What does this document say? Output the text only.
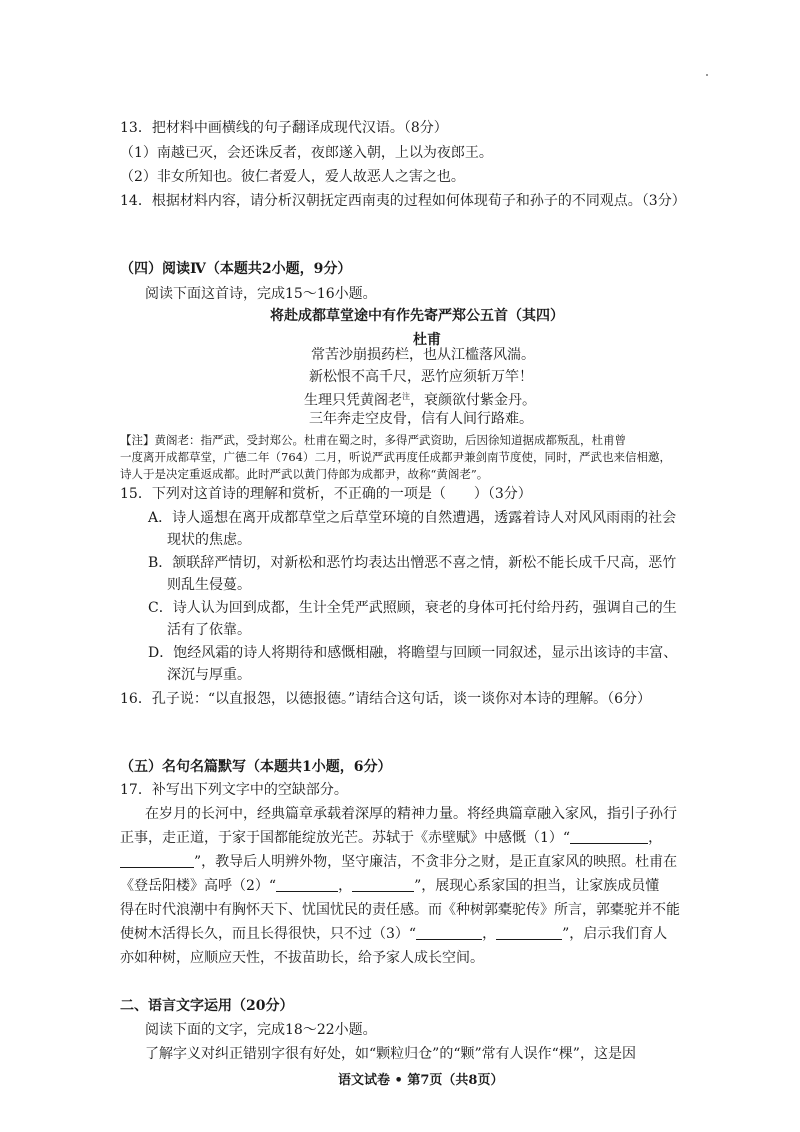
13．把材料中画横线的句子翻译成现代汉语。（8分）
（1）南越已灭，会还诛反者，夜郎遂入朝，上以为夜郎王。
（2）非女所知也。彼仁者爱人，爱人故恶人之害之也。
14．根据材料内容，请分析汉朝抚定西南夷的过程如何体现荀子和孙子的不同观点。（3分）
（四）阅读Ⅳ（本题共2小题，9分）
阅读下面这首诗，完成15～16小题。
将赴成都草堂途中有作先寄严郑公五首（其四）
杜甫
常苦沙崩损药栏，也从江槛落风湍。
新松恨不高千尺，恶竹应须斩万竿！
生理只凭黄阁老$^注$，衰颜欲付紫金丹。
三年奔走空皮骨，信有人间行路难。
【注】黄阁老：指严武，受封郑公。杜甫在蜀之时，多得严武资助，后因徐知道据成都叛乱，杜甫曾
一度离开成都草堂，广德二年（764）二月，听说严武再度任成都尹兼剑南节度使，同时，严武也来信相邀，
诗人于是决定重返成都。此时严武以黄门侍郎为成都尹，故称“黄阁老”。
15．下列对这首诗的理解和赏析，不正确的一项是（　　）（3分）
A．诗人遥想在离开成都草堂之后草堂环境的自然遭遇，透露着诗人对风风雨雨的社会
现状的焦虑。
B．颔联辞严情切，对新松和恶竹均表达出憎恶不喜之情，新松不能长成千尺高，恶竹
则乱生侵蔓。
C．诗人认为回到成都，生计全凭严武照顾，衰老的身体可托付给丹药，强调自己的生
活有了依靠。
D．饱经风霜的诗人将期待和感慨相融，将瞻望与回顾一同叙述，显示出该诗的丰富、
深沉与厚重。
16．孔子说：“以直报怨，以德报德。”请结合这句话，谈一谈你对本诗的理解。（6分）
（五）名句名篇默写（本题共1小题，6分）
17．补写出下列文字中的空缺部分。
在岁月的长河中，经典篇章承载着深厚的精神力量。将经典篇章融入家风，指引子孙行
正事，走正道，于家于国都能绽放光芒。苏轼于《赤壁赋》中感慨（1）“	，
”，教导后人明辨外物，坚守廉洁，不贪非分之财，是正直家风的映照。杜甫在
《登岳阳楼》高呼（2）“	，	”，展现心系家国的担当，让家族成员懂
得在时代浪潮中有胸怀天下、忧国忧民的责任感。而《种树郭橐驼传》所言，郭橐驼并不能
使树木活得长久，而且长得很快，只不过（3）“	，	”，启示我们育人
亦如种树，应顺应天性，不拔苗助长，给予家人成长空间。
二、语言文字运用（20分）
阅读下面的文字，完成18～22小题。
了解字义对纠正错别字很有好处，如“颗粒归仓”的“颗”常有人误作“棵”，这是因
语文试卷 • 第7页（共8页）
